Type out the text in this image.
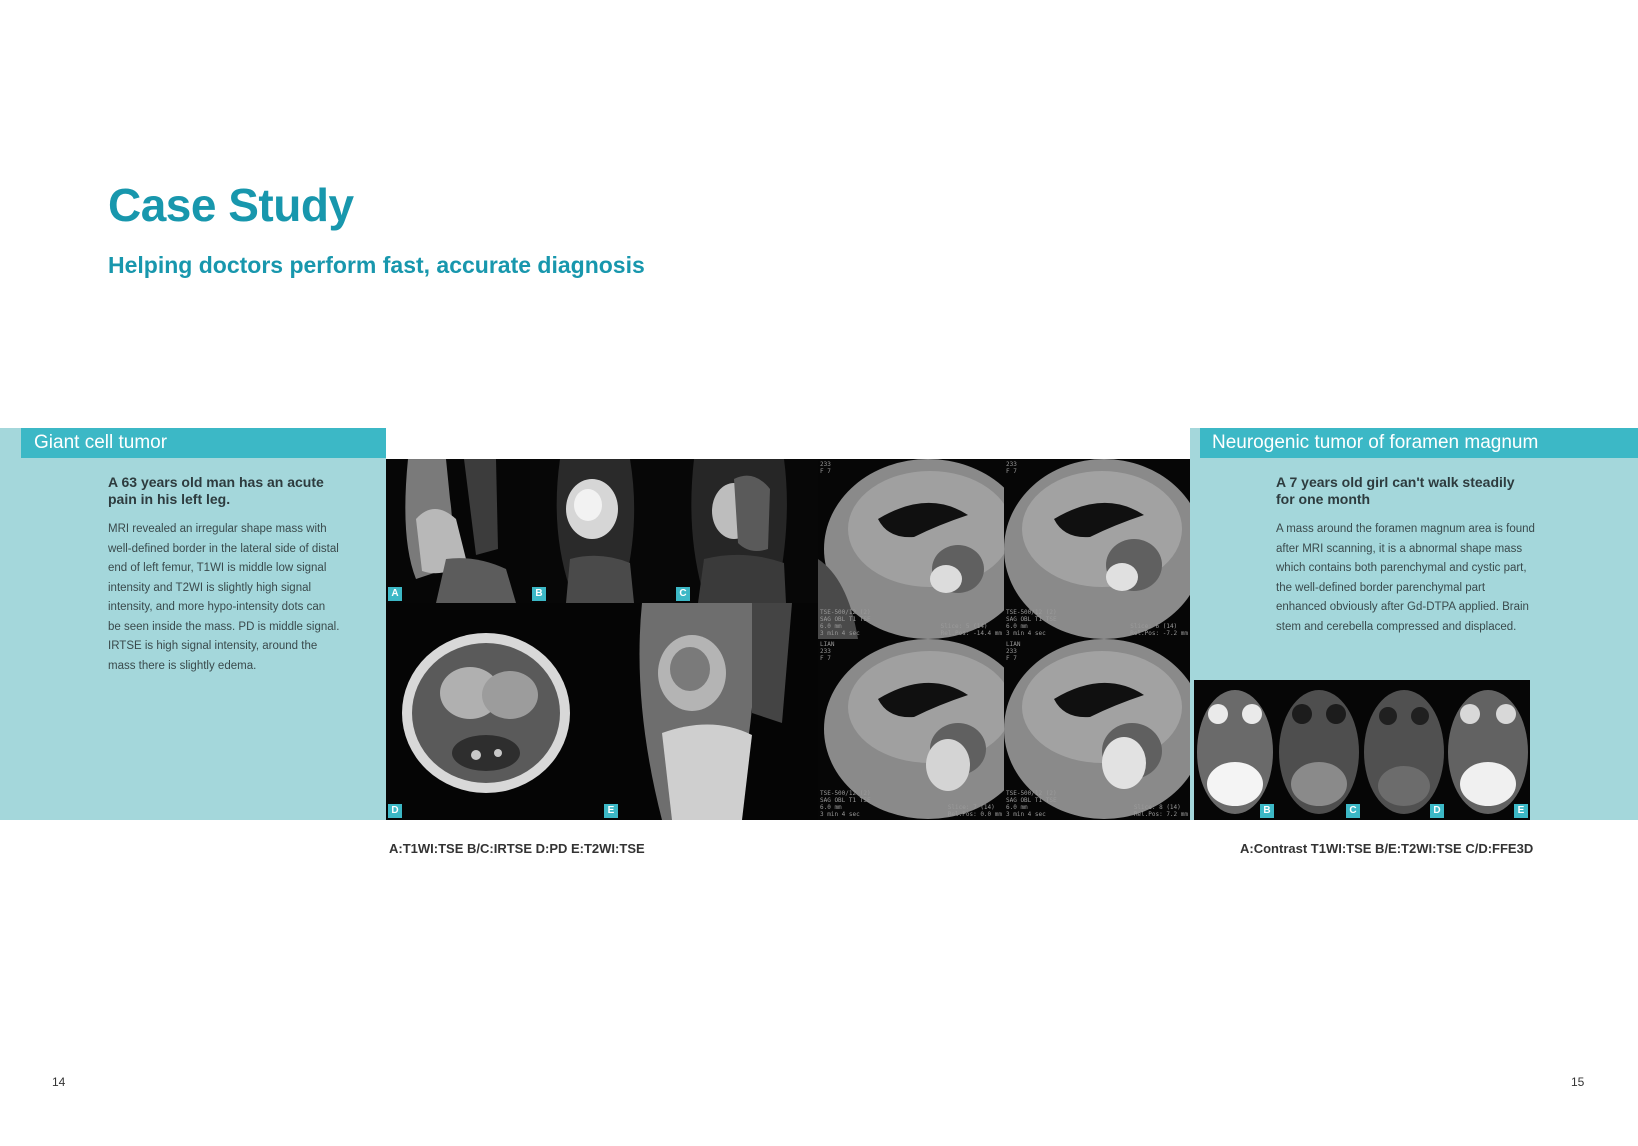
Case Study
Helping doctors perform fast, accurate diagnosis
Giant cell tumor	Neurogenic tumor of foramen magnum

A 63 years old man has an acute pain in his left leg.

MRI revealed an irregular shape mass with well-defined border in the lateral side of distal end of left femur, T1WI is middle low signal intensity and T2WI is slightly high signal intensity, and more hypo-intensity dots can be seen inside the mass. PD is middle signal. IRTSE is high signal intensity, around the mass there is slightly edema.

A 7 years old girl can't walk steadily for one month

A mass around the foramen magnum area is found after MRI scanning, it is a abnormal shape mass which contains both parenchymal and cystic part, the well-defined border parenchymal part enhanced obviously after Gd-DTPA applied. Brain stem and cerebella compressed and displaced.

A	B	C
D	E
233
F 7
TSE-500/12 (2)
SAG OBL T1 TSE
6.0 mm
3 min 4 sec
Slice: 5 (14)
Rel.Pos: -14.4 mm
233
F 7
TSE-500/12 (2)
SAG OBL T1 TSE
6.0 mm
3 min 4 sec
Slice: 6 (14)
Rel.Pos: -7.2 mm
LIAN
233
F 7
TSE-500/12 (2)
SAG OBL T1 TSE
6.0 mm
3 min 4 sec
Slice: 7 (14)
Rel.Pos: 0.0 mm
LIAN
233
F 7
TSE-500/12 (2)
SAG OBL T1 TSE
6.0 mm
3 min 4 sec
Slice: 8 (14)
Rel.Pos: 7.2 mm	B	C	D	E

A:T1WI:TSE B/C:IRTSE D:PD E:T2WI:TSE	A:Contrast T1WI:TSE B/E:T2WI:TSE C/D:FFE3D

14	15
